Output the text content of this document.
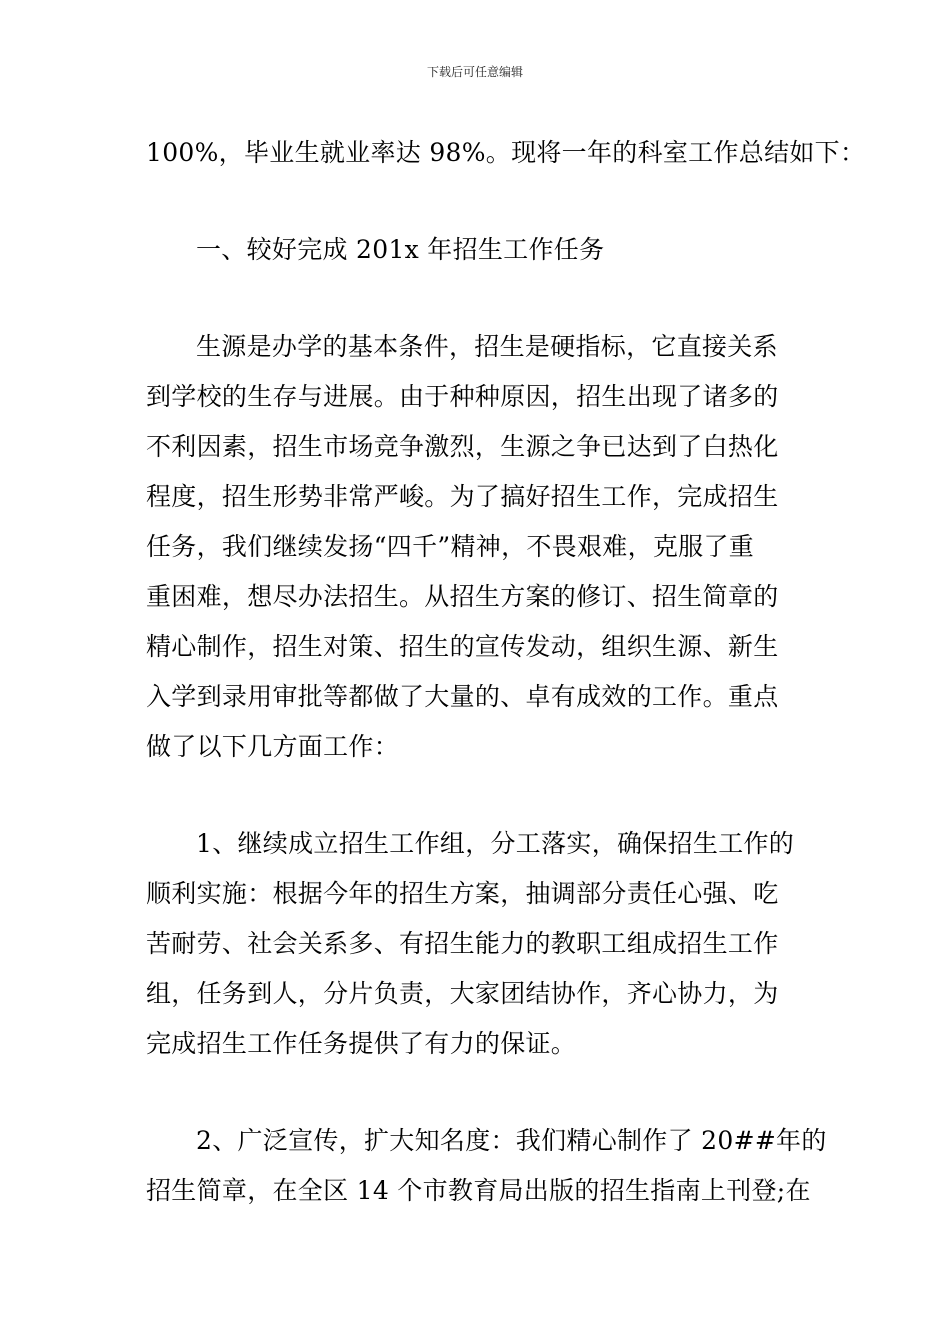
下载后可任意编辑
100%，毕业生就业率达 98%。现将一年的科室工作总结如下：
一、较好完成 201x 年招生工作任务
生源是办学的基本条件，招生是硬指标，它直接关系
到学校的生存与进展。由于种种原因，招生出现了诸多的
不利因素，招生市场竞争激烈，生源之争已达到了白热化
程度，招生形势非常严峻。为了搞好招生工作，完成招生
任务，我们继续发扬“四千”精神，不畏艰难，克服了重
重困难，想尽办法招生。从招生方案的修订、招生简章的
精心制作，招生对策、招生的宣传发动，组织生源、新生
入学到录用审批等都做了大量的、卓有成效的工作。重点
做了以下几方面工作：
1、继续成立招生工作组，分工落实，确保招生工作的
顺利实施：根据今年的招生方案，抽调部分责任心强、吃
苦耐劳、社会关系多、有招生能力的教职工组成招生工作
组，任务到人，分片负责，大家团结协作，齐心协力，为
完成招生工作任务提供了有力的保证。
2、广泛宣传，扩大知名度：我们精心制作了 20##年的
招生简章，在全区 14 个市教育局出版的招生指南上刊登;在
